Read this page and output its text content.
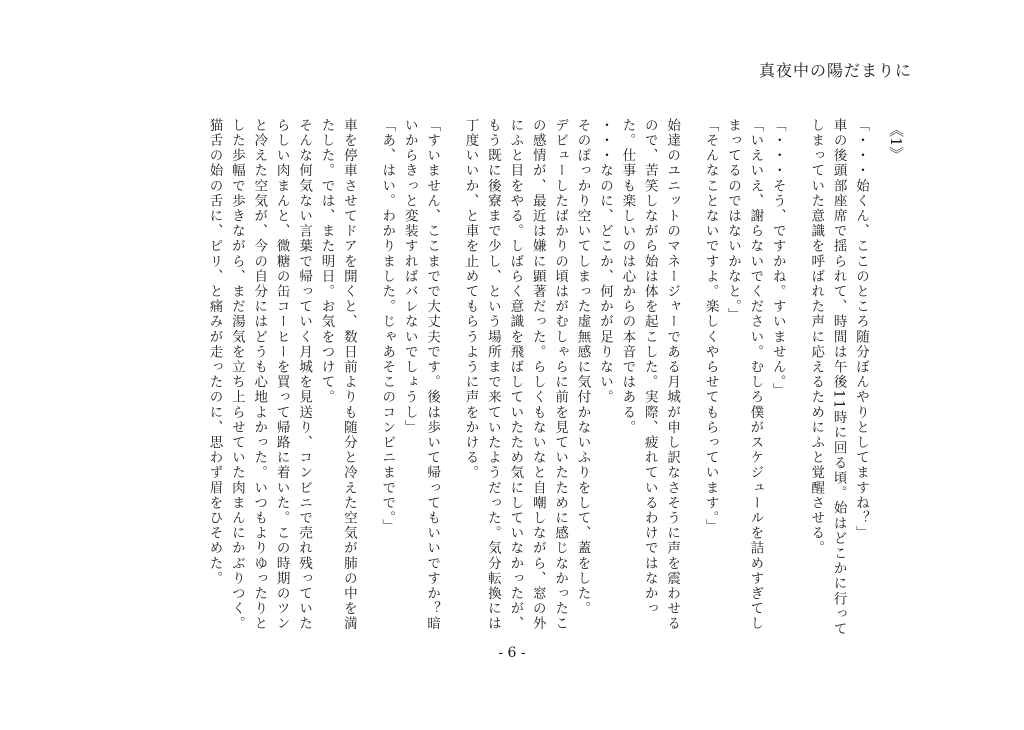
真夜中の陽だまりに
《1》

「・・・始くん、ここのところ随分ぼんやりとしてますね？」

車の後頭部座席で揺られて、時間は午後11時に回る頃。始はどこかに行ってしまっていた意識を呼ばれた声に応えるためにふと覚醒させる。

「・・・そう、ですかね。すいません。」

「いえいえ、謝らないでください。むしろ僕がスケジュールを詰めすぎてしまってるのではないかなと。」

「そんなことないですよ。楽しくやらせてもらっています。」

始達のユニットのマネージャーである月城が申し訳なさそうに声を震わせるので、苦笑しながら始は体を起こした。実際、疲れているわけではなかった。仕事も楽しいのは心からの本音ではある。

・・・なのに、どこか、何かが足りない。

そのぽっかり空いてしまった虚無感に気付かないふりをして、蓋をした。

デビューしたばかりの頃はがむしゃらに前を見ていたために感じなかったこの感情が、最近は嫌に顕著だった。らしくもないなと自嘲しながら、窓の外にふと目をやる。しばらく意識を飛ばしていたため気にしていなかったが、もう既に後寮まで少し、という場所まで来ていたようだった。気分転換には丁度いいか、と車を止めてもらうように声をかける。

「すいません、ここまでで大丈夫です。後は歩いて帰ってもいいですか？暗いからきっと変装すればバレないでしょうし」

「あ、はい。わかりました。じゃあそこのコンビニまでで。」

車を停車させてドアを開くと、数日前よりも随分と冷えた空気が肺の中を満たした。では、また明日。お気をつけて。

そんな何気ない言葉で帰っていく月城を見送り、コンビニで売れ残っていたらしい肉まんと、微糖の缶コーヒーを買って帰路に着いた。この時期のツンと冷えた空気が、今の自分にはどうも心地よかった。いつもよりゆったりとした歩幅で歩きながら、まだ湯気を立ち上らせていた肉まんにかぶりつく。猫舌の始の舌に、ピリ、と痛みが走ったのに、思わず眉をひそめた。

- 6 -
